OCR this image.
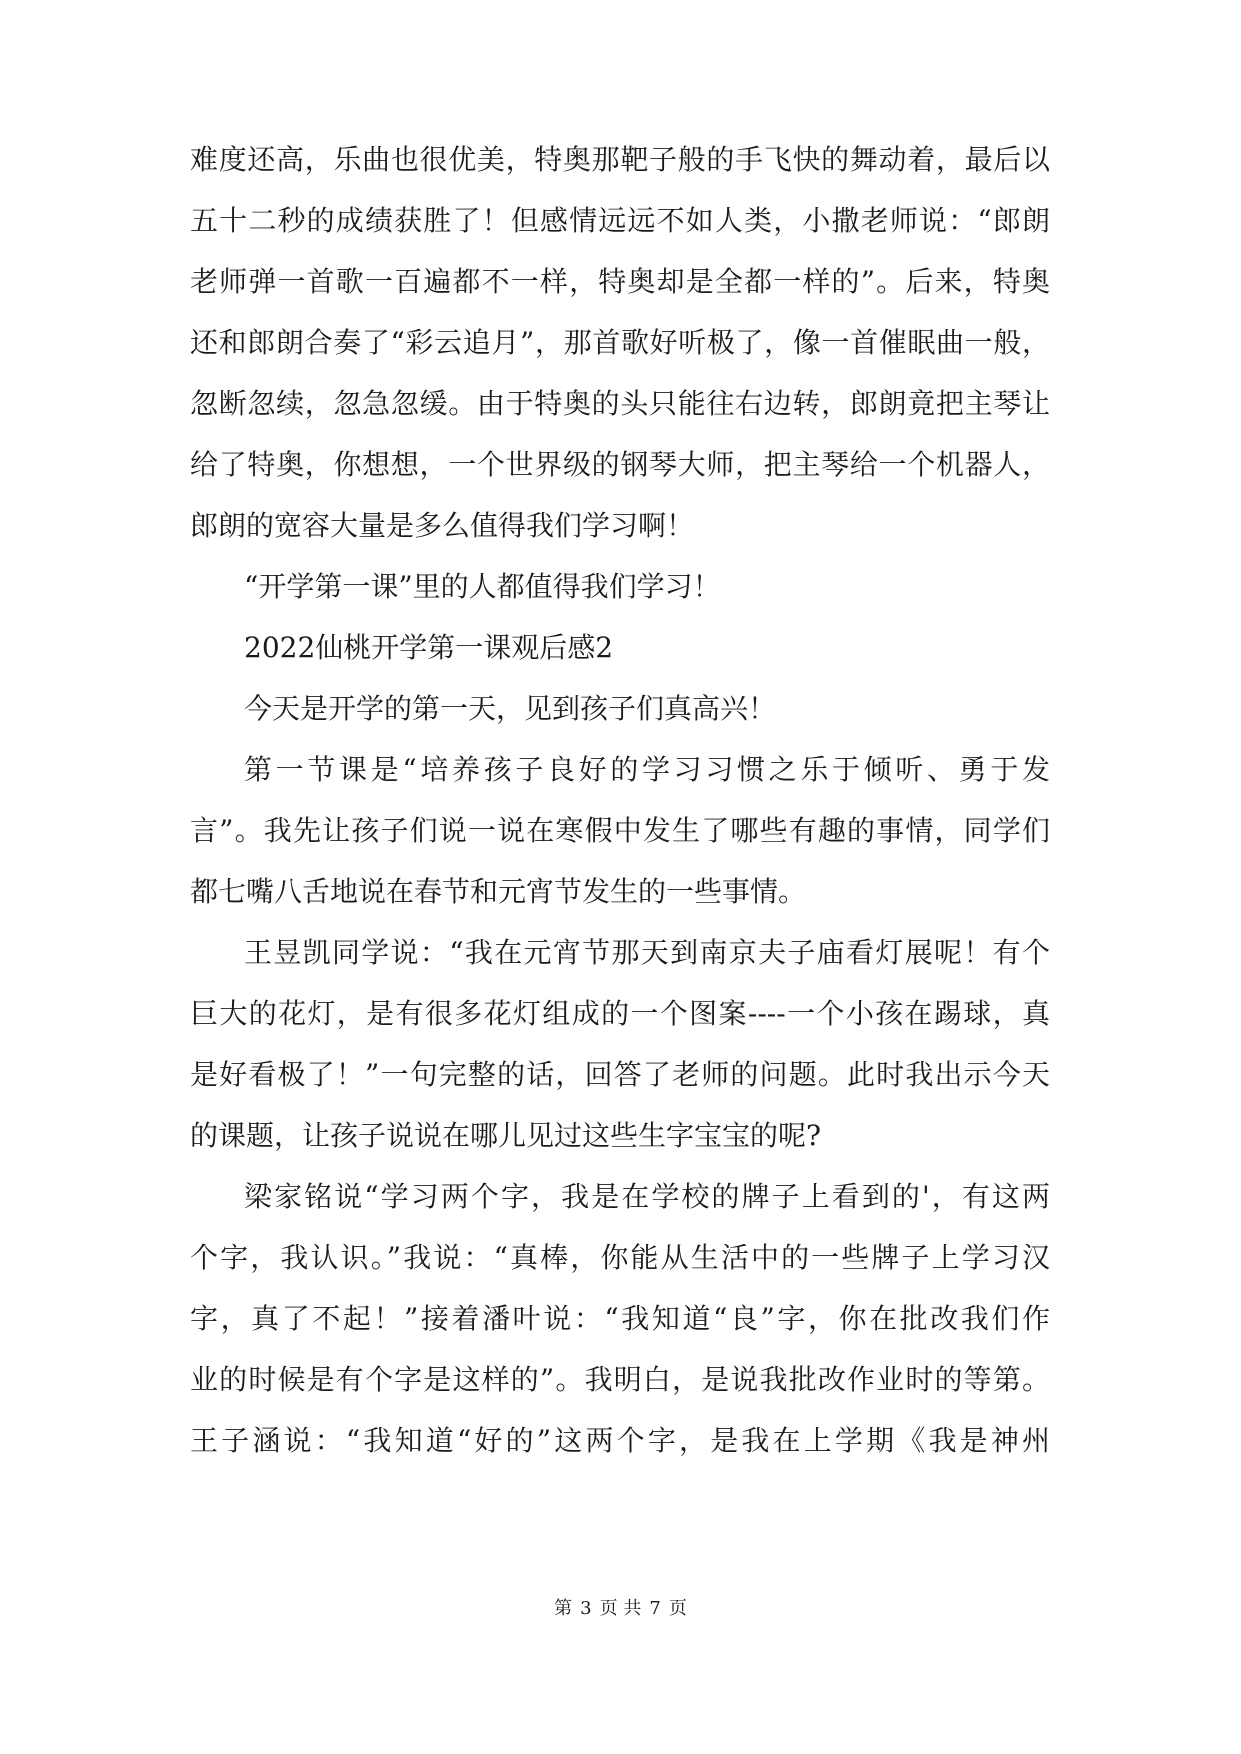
难度还高，乐曲也很优美，特奥那靶子般的手飞快的舞动着，最后以
五十二秒的成绩获胜了！但感情远远不如人类，小撒老师说：“郎朗
老师弹一首歌一百遍都不一样，特奥却是全都一样的”。后来，特奥
还和郎朗合奏了“彩云追月”，那首歌好听极了，像一首催眠曲一般，
忽断忽续，忽急忽缓。由于特奥的头只能往右边转，郎朗竟把主琴让
给了特奥，你想想，一个世界级的钢琴大师，把主琴给一个机器人，
郎朗的宽容大量是多么值得我们学习啊！
“开学第一课”里的人都值得我们学习！
2022仙桃开学第一课观后感2
今天是开学的第一天，见到孩子们真高兴！
第一节课是“培养孩子良好的学习习惯之乐于倾听、勇于发
言”。我先让孩子们说一说在寒假中发生了哪些有趣的事情，同学们
都七嘴八舌地说在春节和元宵节发生的一些事情。
王昱凯同学说：“我在元宵节那天到南京夫子庙看灯展呢！有个
巨大的花灯，是有很多花灯组成的一个图案----一个小孩在踢球，真
是好看极了！”一句完整的话，回答了老师的问题。此时我出示今天
的课题，让孩子说说在哪儿见过这些生字宝宝的呢?
梁家铭说“学习两个字，我是在学校的牌子上看到的'，有这两
个字，我认识。”我说：“真棒，你能从生活中的一些牌子上学习汉
字，真了不起！”接着潘叶说：“我知道“良”字，你在批改我们作
业的时候是有个字是这样的”。我明白，是说我批改作业时的等第。
王子涵说：“我知道“好的”这两个字，是我在上学期《我是神州
第 3 页 共 7 页
